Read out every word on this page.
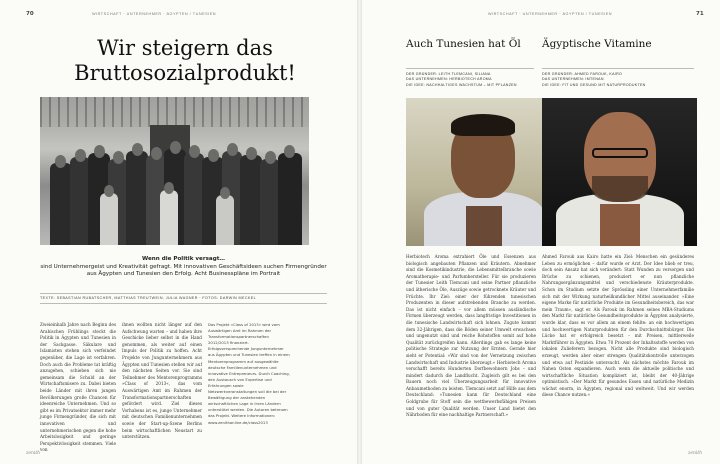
70	WIRTSCHAFT · UNTERNEHMER · ÄGYPTEN / TUNESIEN
Wir steigern das Bruttosozialprodukt!
Wenn die Politik versagt…
sind Unternehmergeist und Kreativität gefragt. Mit innovativen Geschäftsideen suchen Firmengründer aus Ägypten und Tunesien den Erfolg. Acht Businesspläne im Portrait
TEXTE: SEBASTIAN RUBATSCHER, MATTHIAS TREUTWEIN, JULIA WAGNER · FOTOS: DARWIN MECKEL
Zweieinhalb Jahre nach Beginn des Arabischen Frühlings steckt die Politik in Ägypten und Tunesien in der Sackgasse. Säkulare und Islamisten stehen sich verfeindet gegenüber, die Lage ist verfahren. Doch auch die Probleme tat kräftig anzugehen, schieben sich nie gemeinsam die Schuld an der Wirtschaftsmisere zu. Dabei bieten beide Länder mit ihren jungen Bevölkerungen große Chancen für ideenreiche Unternehmen. Und so gibt es im Privatsektor immer mehr junge Firmengründer, die sich mit innovativen und unternehmerischen gegen die hohe Arbeitslosigkeit und geringe Perspektivlosigkeit stemmen. Viele von
ihnen wollten nicht länger auf den Aufschwung warten – und haben ihre Geschicke lieber selbst in die Hand genommen, als weiter auf einen Impuls der Politik zu hoffen. Acht Projekte von Jungunternehmern aus Ägypten und Tunesien stellen wir auf den nächsten Seiten vor. Sie sind Teilnehmer des Mentorenprogramms »Class of 2013«, das vom Auswärtigen Amt im Rahmen der Transformationspartnerschaften gefördert wird. Ziel dieses Vorhabens ist es, junge Unternehmer mit deutschen Familienunternehmen sowie der Start-up-Szene Berlins beim wirtschaftlichen Neustart zu unterstützen.
Das Projekt »Class of 2013« wird vom Auswärtigen Amt im Rahmen der Transformationspartnerschaften 2012/2013 finanziert. Erfolgsversprechende Jungunternehmer aus Ägypten und Tunesien treffen in einem Mentorenprogramm auf ausgewählte deutsche Familienunternehmen und innovative Entrepreneurs. Durch Coaching, den Austausch von Expertise und Erfahrungen sowie Netzwerkveranstaltungen soll die bei der Bewältigung der anstehenden wirtschaftlichen Lage in ihren Ländern unterstützt werden. Die Autoren betreuen das Projekt. Weitere Informationen: www.zenithonline.de/class2013
zenith
WIRTSCHAFT · UNTERNEHMER · ÄGYPTEN / TUNESIEN	71
Auch Tunesien hat Öl
DER GRÜNDER: LEITH TLEMCANI, SILIANA
DAS UNTERNEHMEN: HERBIOTECH AROMA
DIE IDEE: NACHHALTIGES WACHSTUM – MIT PFLANZEN
Ägyptische Vitamine
DER GRÜNDER: AHMED FAROUK, KAIRO
DAS UNTERNEHMEN: IMTENAN
DIE IDEE: FIT UND GESUND MIT NATURPRODUKTEN
Herbiotech Aroma extrahiert Öle und Essenzen aus biologisch angebauten Pflanzen und Kräutern. Abnehmer sind die Kosmetikindustrie, die Lebensmittelbranche sowie Aromatherapie- und Parfumhersteller. Für sie produzieren der Tunesier Leith Tlemcani und seine Partner pflanzliche und ätherische Öle, Auszüge sowie getrocknete Kräuter und Früchte. Ihr Ziel: einer der führenden tunesischen Produzenten in dieser aufstrebenden Branche zu werden. Das ist nicht einfach – vor allem müssen ausländische Firmen überzeugt werden, dass langfristige Investitionen in die tunesische Landwirtschaft sich lohnen. Zugute kommt dem 32-Jährigen, dass die Böden seiner Umwelt erwachsen und ungenutzt sind und reiche Rohstoffen somit auf hohe Qualität zurückgreifen kann. Allerdings gab es lange keine politische Strategie zur Nutzung der Ernten. Gerade hier sieht er Potential: »Wir sind von der Vernetzung zwischen Landwirtschaft und Industrie überzeugt.« Herbiotech Aroma verschafft bereits Hunderten Dorfbewohnern Jobs – und mindert dadurch die Landflucht. Zugleich gilt es bei den Bauern noch viel Überzeugungsarbeit für innovative Anbaumethoden zu leisten. Tlemcani setzt auf Hilfe aus dem Deutschland: »Tunesien kann für Deutschland eine Goldgrube für Stoff sein die wettbewerbsfähigen Preisen und von guter Qualität werden. Unser Land bietet den Nährboden für eine nachhaltige Partnerschaft.«
Ahmed Farouk aus Kairo hatte ein Ziel: Menschen ein gesünderes Leben zu ermöglichen – dafür wurde er Arzt. Der Idee blieb er treu, doch sein Ansatz hat sich verändert: Statt Wunden zu versorgen und Brüche zu schienen, produziert er nun pflanzliche Nahrungsergänzungsmittel und verschiedenste Kräuterprodukte. Schon im Studium setzte der Sprössling einer Unternehmerfamilie sich mit der Wirkung naturheilkundlicher Mittel auseinander. »Eine eigene Marke für natürliche Produkte im Gesundheitsbereich, das war mein Traum«, sagt er. Als Farouk im Rahmen seines MBA-Studiums den Markt für natürliche Gesundheitsprodukte in Ägypten analysierte, wurde klar, dass es vor allem an einem fehlte: an ein hochwertigen und hochwertigen Naturprodukten für den Durchschnittsbürger. Die Lücke hat er erfolgreich besetzt – mit Preisen, mittlerweile Marktführer in Ägypten. Etwa 70 Prozent der Inhaltsstoffe werden von lokalen Zulieferern bezogen. Nicht alle Produkte sind biologisch erzeugt, werden aber einer strengen Qualitätskontrolle unterzogen und etwa auf Pestizide untersucht. Als nächstes möchte Farouk im Nahen Osten expandieren. Auch wenn die aktuelle politische und wirtschaftliche Situation kompliziert ist, bleibt der 40-Jährige optimistisch. »Der Markt für gesundes Essen und natürliche Medizin wächst enorm, in Ägypten, regional und weltweit. Und wir werden diese Chance nutzen.«
zenith
